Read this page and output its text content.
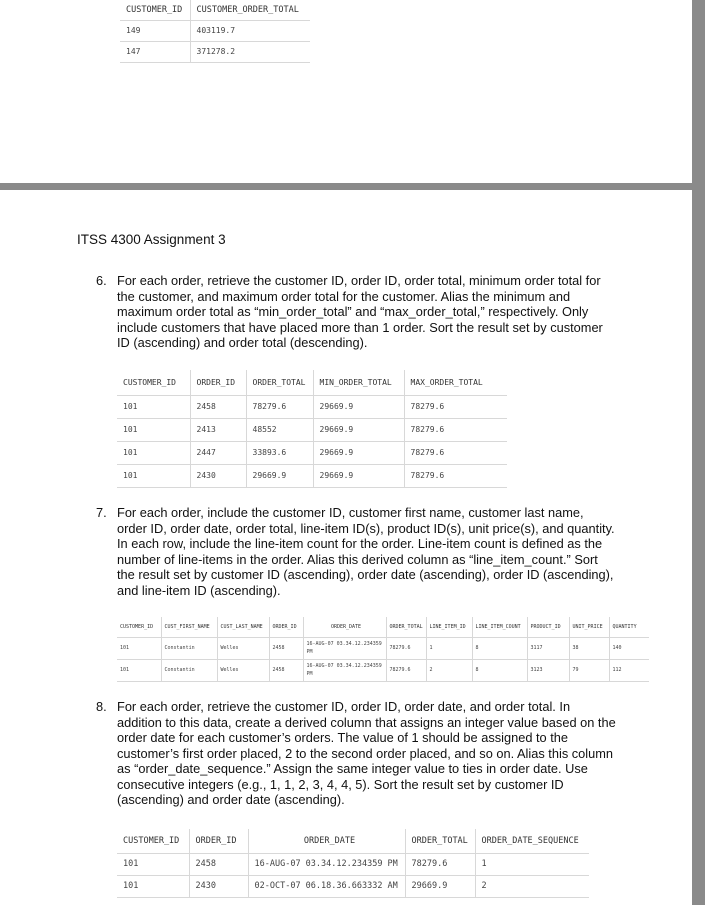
CUSTOMER_ID	CUSTOMER_ORDER_TOTAL
149	403119.7
147	371278.2
ITSS 4300 Assignment 3
6. For each order, retrieve the customer ID, order ID, order total, minimum order total for the customer, and maximum order total for the customer. Alias the minimum and maximum order total as “min_order_total” and “max_order_total,” respectively. Only include customers that have placed more than 1 order. Sort the result set by customer ID (ascending) and order total (descending).
CUSTOMER_ID	ORDER_ID	ORDER_TOTAL	MIN_ORDER_TOTAL	MAX_ORDER_TOTAL
101	2458	78279.6	29669.9	78279.6
101	2413	48552	29669.9	78279.6
101	2447	33893.6	29669.9	78279.6
101	2430	29669.9	29669.9	78279.6
7. For each order, include the customer ID, customer first name, customer last name, order ID, order date, order total, line-item ID(s), product ID(s), unit price(s), and quantity. In each row, include the line-item count for the order. Line-item count is defined as the number of line-items in the order. Alias this derived column as “line_item_count.” Sort the result set by customer ID (ascending), order date (ascending), order ID (ascending), and line-item ID (ascending).
CUSTOMER_ID	CUST_FIRST_NAME	CUST_LAST_NAME	ORDER_ID	ORDER_DATE	ORDER_TOTAL	LINE_ITEM_ID	LINE_ITEM_COUNT	PRODUCT_ID	UNIT_PRICE	QUANTITY
101	Constantin	Welles	2458	16-AUG-07 03.34.12.234359 PM	78279.6	1	8	3117	38	140
101	Constantin	Welles	2458	16-AUG-07 03.34.12.234359 PM	78279.6	2	8	3123	79	112
8. For each order, retrieve the customer ID, order ID, order date, and order total. In addition to this data, create a derived column that assigns an integer value based on the order date for each customer’s orders. The value of 1 should be assigned to the customer’s first order placed, 2 to the second order placed, and so on. Alias this column as “order_date_sequence.” Assign the same integer value to ties in order date. Use consecutive integers (e.g., 1, 1, 2, 3, 4, 4, 5). Sort the result set by customer ID (ascending) and order date (ascending).
CUSTOMER_ID	ORDER_ID	ORDER_DATE	ORDER_TOTAL	ORDER_DATE_SEQUENCE
101	2458	16-AUG-07 03.34.12.234359 PM	78279.6	1
101	2430	02-OCT-07 06.18.36.663332 AM	29669.9	2
